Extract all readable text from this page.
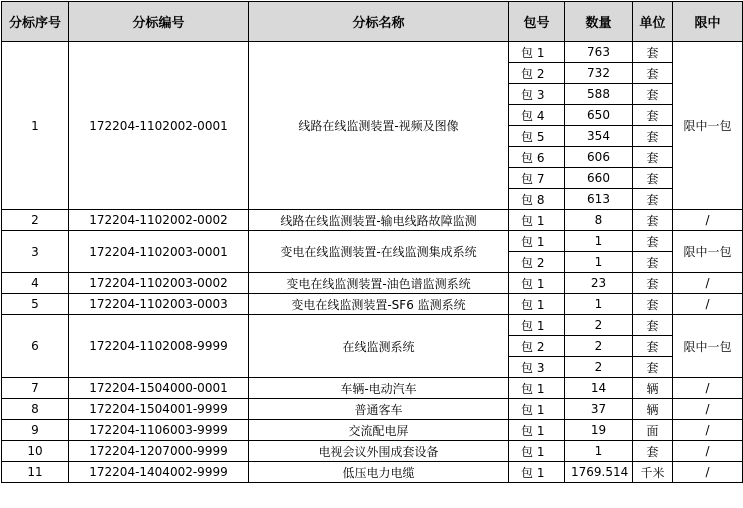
分标序号	分标编号	分标名称	包号	数量	单位	限中
1	172204-1102002-0001	线路在线监测装置-视频及图像	包 1	763	套	限中一包
			包 2	732	套	
			包 3	588	套	
			包 4	650	套	
			包 5	354	套	
			包 6	606	套	
			包 7	660	套	
			包 8	613	套	
2	172204-1102002-0002	线路在线监测装置-输电线路故障监测	包 1	8	套	/
3	172204-1102003-0001	变电在线监测装置-在线监测集成系统	包 1	1	套	限中一包
			包 2	1	套	
4	172204-1102003-0002	变电在线监测装置-油色谱监测系统	包 1	23	套	/
5	172204-1102003-0003	变电在线监测装置-SF6 监测系统	包 1	1	套	/
6	172204-1102008-9999	在线监测系统	包 1	2	套	限中一包
			包 2	2	套	
			包 3	2	套	
7	172204-1504000-0001	车辆-电动汽车	包 1	14	辆	/
8	172204-1504001-9999	普通客车	包 1	37	辆	/
9	172204-1106003-9999	交流配电屏	包 1	19	面	/
10	172204-1207000-9999	电视会议外围成套设备	包 1	1	套	/
11	172204-1404002-9999	低压电力电缆	包 1	1769.514	千米	/
